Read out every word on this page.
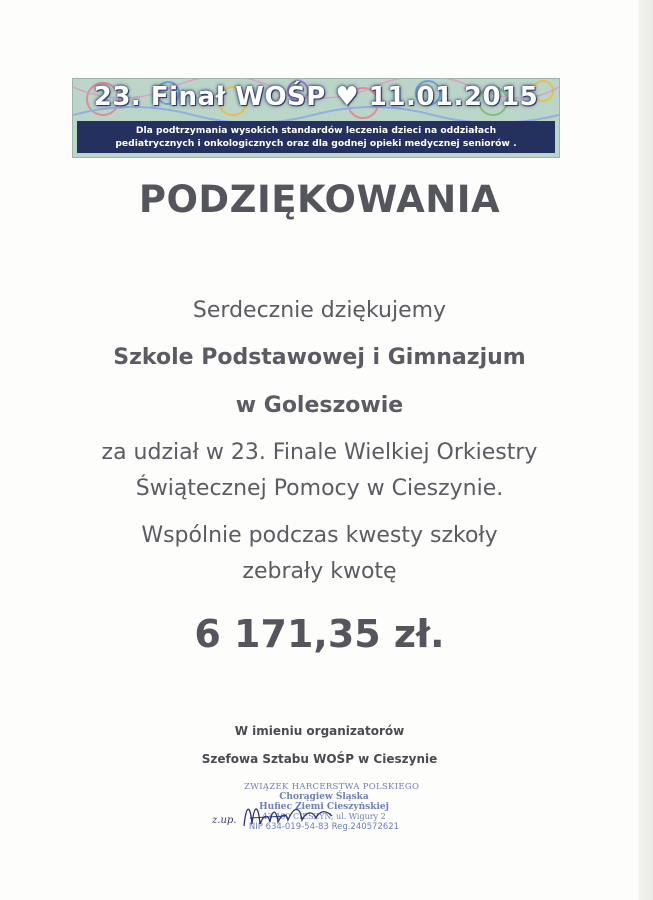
23. Finał WOŚP ♥ 11.01.2015
Dla podtrzymania wysokich standardów leczenia dzieci na oddziałach
pediatrycznych i onkologicznych oraz dla godnej opieki medycznej seniorów .
PODZIĘKOWANIA
Serdecznie dziękujemy
Szkole Podstawowej i Gimnazjum
w Goleszowie
za udział w 23. Finale Wielkiej Orkiestry
Świątecznej Pomocy w Cieszynie.
Wspólnie podczas kwesty szkoły
zebrały kwotę
6 171,35 zł.
W imieniu organizatorów
Szefowa Sztabu WOŚP w Cieszynie
ZWIĄZEK HARCERSTWA POLSKIEGO
Chorągiew Śląska
Hufiec Ziemi Cieszyńskiej
43-400 CIESZYN, ul. Wigury 2
NIP 634-019-54-83 Reg.240572621
z.up.
